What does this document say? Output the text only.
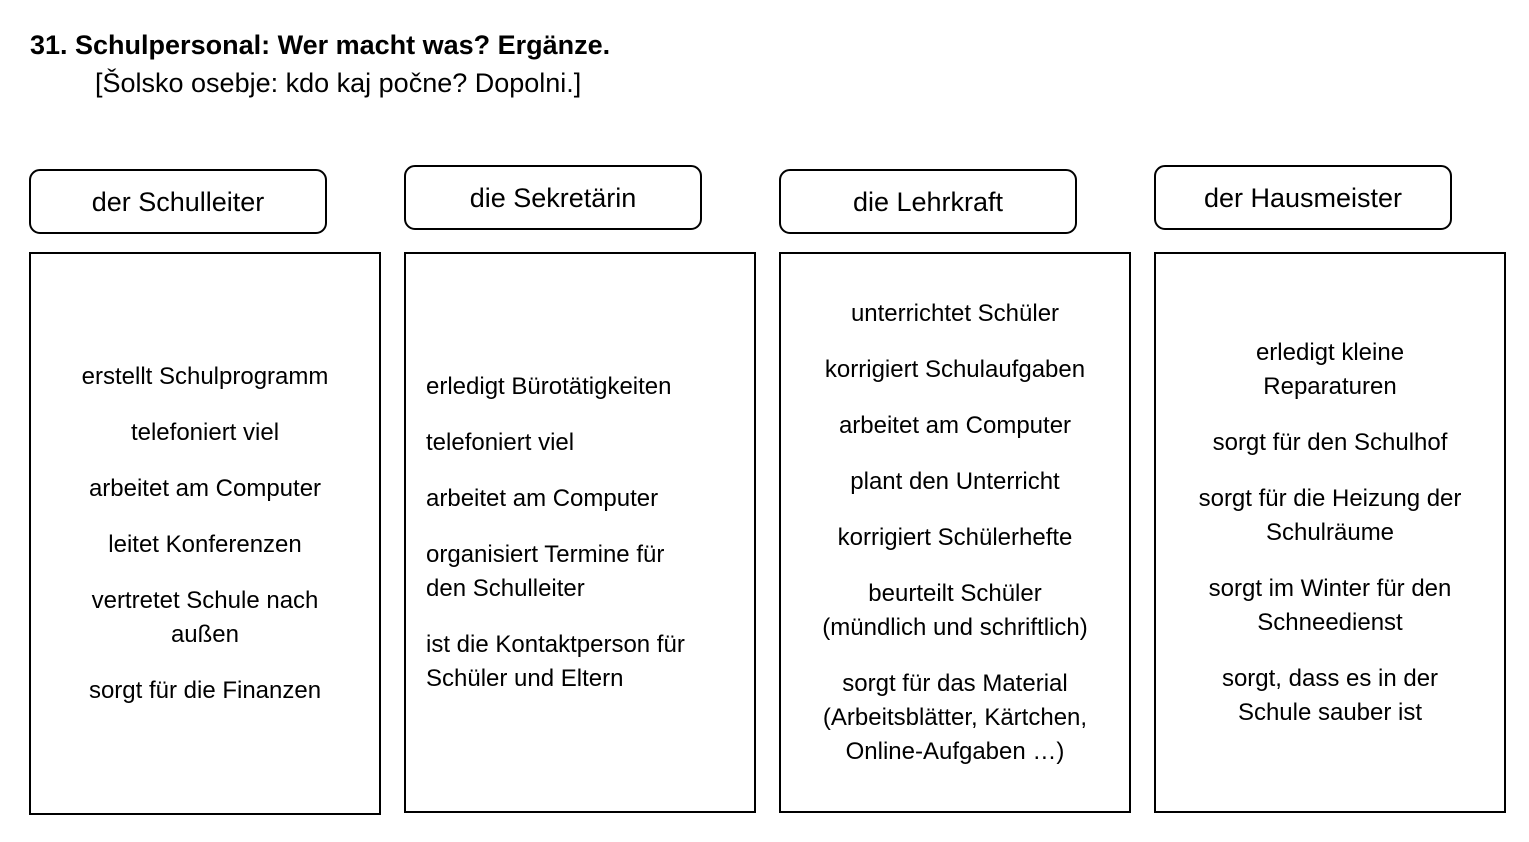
31. Schulpersonal: Wer macht was? Ergänze.
[Šolsko osebje: kdo kaj počne? Dopolni.]
der Schulleiter
erstellt Schulprogramm
telefoniert viel
arbeitet am Computer
leitet Konferenzen
vertretet Schule nach
außen
sorgt für die Finanzen
die Sekretärin
erledigt Bürotätigkeiten
telefoniert viel
arbeitet am Computer
organisiert Termine für
den Schulleiter
ist die Kontaktperson für
Schüler und Eltern
die Lehrkraft
unterrichtet Schüler
korrigiert Schulaufgaben
arbeitet am Computer
plant den Unterricht
korrigiert Schülerhefte
beurteilt Schüler
(mündlich und schriftlich)
sorgt für das Material
(Arbeitsblätter, Kärtchen,
Online-Aufgaben …)
der Hausmeister
erledigt kleine
Reparaturen
sorgt für den Schulhof
sorgt für die Heizung der
Schulräume
sorgt im Winter für den
Schneedienst
sorgt, dass es in der
Schule sauber ist
